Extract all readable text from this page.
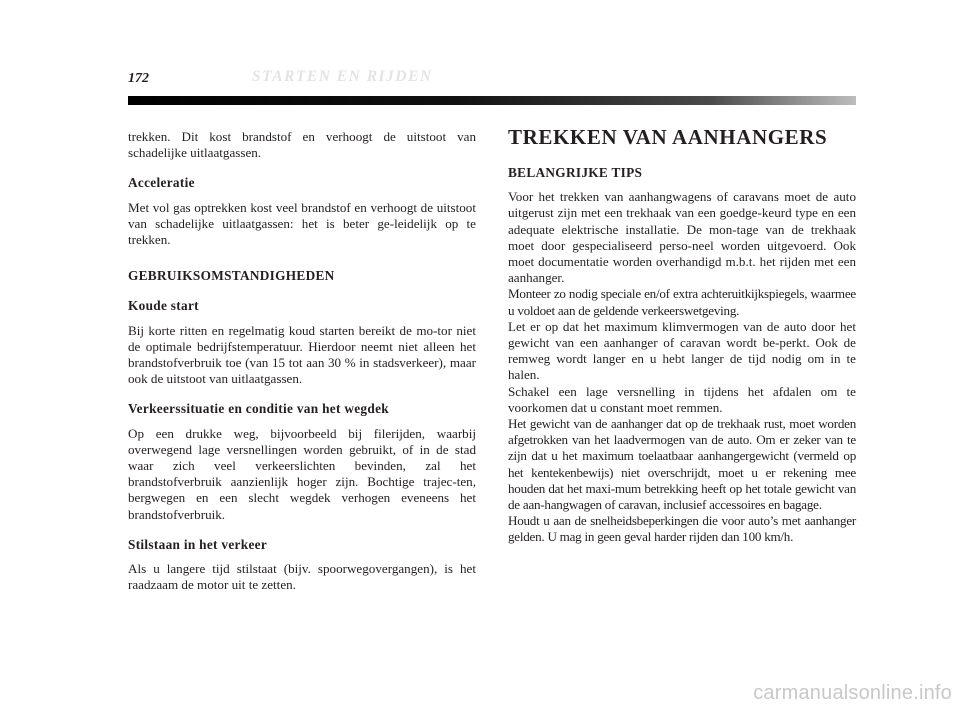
172	STARTEN EN RIJDEN

trekken. Dit kost brandstof en verhoogt de uitstoot van schadelijke uitlaatgassen.

Acceleratie

Met vol gas optrekken kost veel brandstof en verhoogt de uitstoot van schadelijke uitlaatgassen: het is beter ge-leidelijk op te trekken.

GEBRUIKSOMSTANDIGHEDEN
Koude start

Bij korte ritten en regelmatig koud starten bereikt de mo-tor niet de optimale bedrijfstemperatuur. Hierdoor neemt niet alleen het brandstofverbruik toe (van 15 tot aan 30 % in stadsverkeer), maar ook de uitstoot van uitlaatgassen.

Verkeerssituatie en conditie van het wegdek

Op een drukke weg, bijvoorbeeld bij filerijden, waarbij overwegend lage versnellingen worden gebruikt, of in de stad waar zich veel verkeerslichten bevinden, zal het brandstofverbruik aanzienlijk hoger zijn. Bochtige trajec-ten, bergwegen en een slecht wegdek verhogen eveneens het brandstofverbruik.

Stilstaan in het verkeer

Als u langere tijd stilstaat (bijv. spoorwegovergangen), is het raadzaam de motor uit te zetten.

TREKKEN VAN AANHANGERS
BELANGRIJKE TIPS

Voor het trekken van aanhangwagens of caravans moet de auto uitgerust zijn met een trekhaak van een goedge-keurd type en een adequate elektrische installatie. De mon-tage van de trekhaak moet door gespecialiseerd perso-neel worden uitgevoerd. Ook moet documentatie worden overhandigd m.b.t. het rijden met een aanhanger.

Monteer zo nodig speciale en/of extra achteruitkijkspiegels, waarmee u voldoet aan de geldende verkeerswetgeving.

Let er op dat het maximum klimvermogen van de auto door het gewicht van een aanhanger of caravan wordt be-perkt. Ook de remweg wordt langer en u hebt langer de tijd nodig om in te halen.

Schakel een lage versnelling in tijdens het afdalen om te voorkomen dat u constant moet remmen.

Het gewicht van de aanhanger dat op de trekhaak rust, moet worden afgetrokken van het laadvermogen van de auto. Om er zeker van te zijn dat u het maximum toelaatbaar aanhangergewicht (vermeld op het kentekenbewijs) niet overschrijdt, moet u er rekening mee houden dat het maxi-mum betrekking heeft op het totale gewicht van de aan-hangwagen of caravan, inclusief accessoires en bagage.

Houdt u aan de snelheidsbeperkingen die voor auto’s met aanhanger gelden. U mag in geen geval harder rijden dan 100 km/h.

carmanualsonline.info
